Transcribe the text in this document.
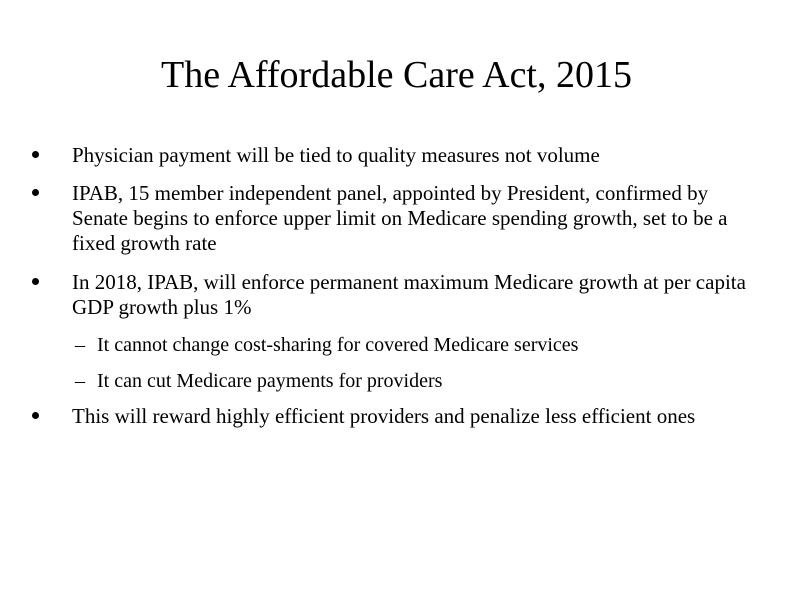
The Affordable Care Act, 2015
Physician payment will be tied to quality measures not volume
IPAB, 15 member independent panel, appointed by President, confirmed by Senate begins to enforce upper limit on Medicare spending growth, set to be a fixed growth rate
In 2018, IPAB, will enforce permanent maximum Medicare growth at per capita GDP growth plus 1%
– It cannot change cost-sharing for covered Medicare services
– It can cut Medicare payments for providers
This will reward highly efficient providers and penalize less efficient ones
